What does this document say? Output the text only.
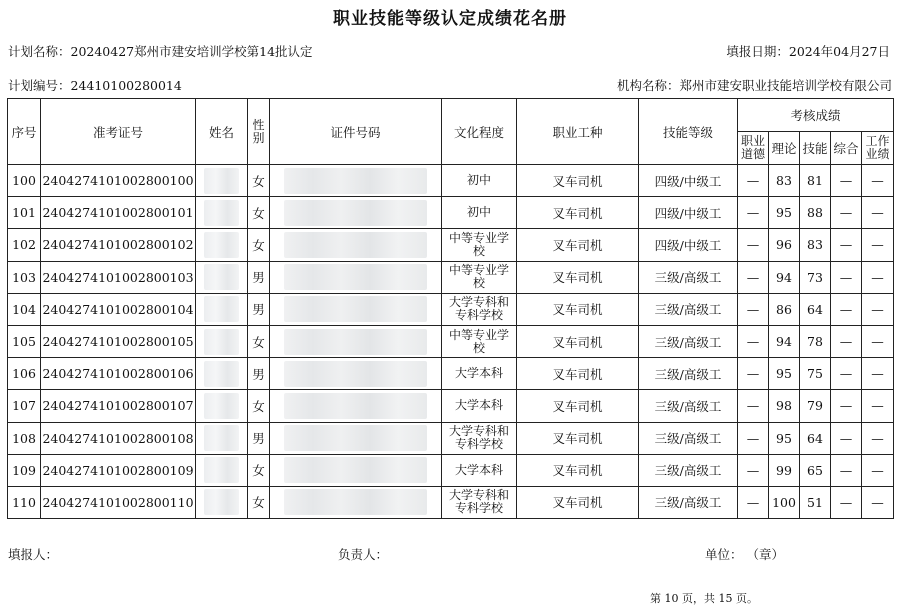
职业技能等级认定成绩花名册
计划名称：20240427郑州市建安培训学校第14批认定	填报日期：2024年04月27日
计划编号：24410100280014	机构名称：郑州市建安职业技能培训学校有限公司
序号	准考证号	姓名	性别	证件号码	文化程度	职业工种	技能等级	考核成绩				
								职业道德	理论	技能	综合	工作业绩
100	2404274101002800100		女		初中	叉车司机	四级/中级工	—	83	81	—	—
101	2404274101002800101		女		初中	叉车司机	四级/中级工	—	95	88	—	—
102	2404274101002800102		女		中等专业学校	叉车司机	四级/中级工	—	96	83	—	—
103	2404274101002800103		男		中等专业学校	叉车司机	三级/高级工	—	94	73	—	—
104	2404274101002800104		男		大学专科和专科学校	叉车司机	三级/高级工	—	86	64	—	—
105	2404274101002800105		女		中等专业学校	叉车司机	三级/高级工	—	94	78	—	—
106	2404274101002800106		男		大学本科	叉车司机	三级/高级工	—	95	75	—	—
107	2404274101002800107		女		大学本科	叉车司机	三级/高级工	—	98	79	—	—
108	2404274101002800108		男		大学专科和专科学校	叉车司机	三级/高级工	—	95	64	—	—
109	2404274101002800109		女		大学本科	叉车司机	三级/高级工	—	99	65	—	—
110	2404274101002800110		女		大学专科和专科学校	叉车司机	三级/高级工	—	100	51	—	—
填报人：	负责人：	单位： （章）
第 10 页，共 15 页。
